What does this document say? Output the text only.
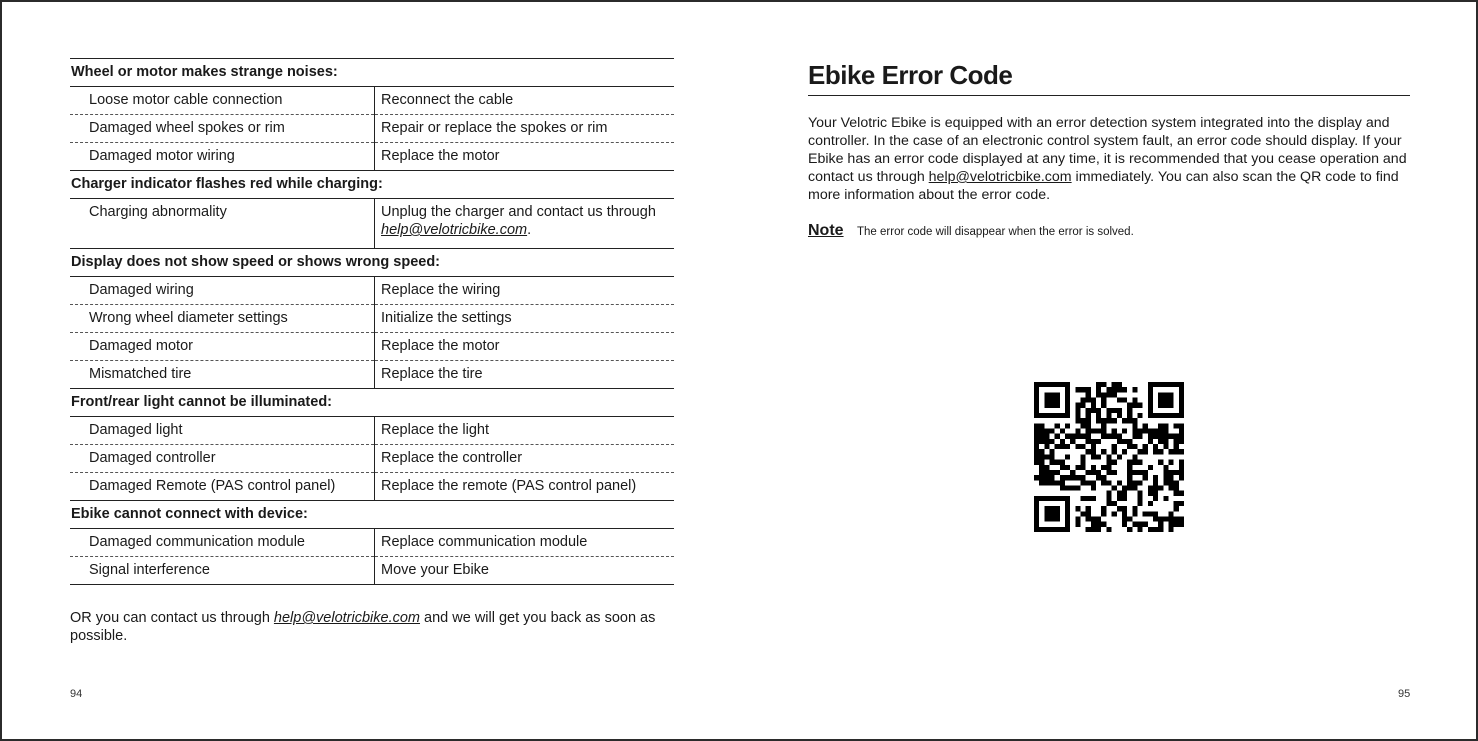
Wheel or motor makes strange noises:	
Loose motor cable connection	Reconnect the cable
Damaged wheel spokes or rim	Repair or replace the spokes or rim
Damaged motor wiring	Replace the motor
Charger indicator flashes red while charging:	
Charging abnormality	Unplug the charger and contact us through
help@velotricbike.com.
Display does not show speed or shows wrong speed:	
Damaged wiring	Replace the wiring
Wrong wheel diameter settings	Initialize the settings
Damaged motor	Replace the motor
Mismatched tire	Replace the tire
Front/rear light cannot be illuminated:	
Damaged light	Replace the light
Damaged controller	Replace the controller
Damaged Remote (PAS control panel)	Replace the remote (PAS control panel)
Ebike cannot connect with device:	
Damaged communication module	Replace communication module
Signal interference	Move your Ebike
OR you can contact us through help@velotricbike.com and we will get you back as soon as possible.
94
Ebike Error Code
Your Velotric Ebike is equipped with an error detection system integrated into the display and controller. In the case of an electronic control system fault, an error code should display. If your Ebike has an error code displayed at any time, it is recommended that you cease operation and contact us through help@velotricbike.com immediately. You can also scan the QR code to find more information about the error code.
Note	The error code will disappear when the error is solved.
95
